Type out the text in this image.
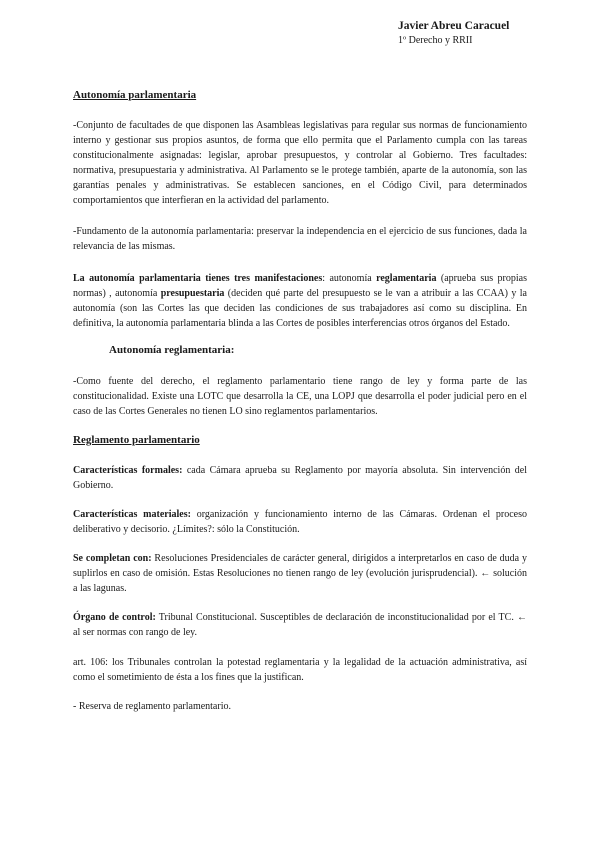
Javier Abreu Caracuel
1º Derecho y RRII
Autonomía parlamentaria

-Conjunto de facultades de que disponen las Asambleas legislativas para regular sus normas de funcionamiento interno y gestionar sus propios asuntos, de forma que ello permita que el Parlamento cumpla con las tareas constitucionalmente asignadas: legislar, aprobar presupuestos, y controlar al Gobierno. Tres facultades: normativa, presupuestaria y administrativa. Al Parlamento se le protege también, aparte de la autonomía, son las garantías penales y administrativas. Se establecen sanciones, en el Código Civil, para determinados comportamientos que interfieran en la actividad del parlamento.

-Fundamento de la autonomía parlamentaria: preservar la independencia en el ejercicio de sus funciones, dada la relevancia de las mismas.

La autonomía parlamentaria tienes tres manifestaciones: autonomía reglamentaria (aprueba sus propias normas) , autonomía presupuestaria (deciden qué parte del presupuesto se le van a atribuir a las CCAA) y la autonomía (son las Cortes las que deciden las condiciones de sus trabajadores así como su disciplina. En definitiva, la autonomía parlamentaria blinda a las Cortes de posibles interferencias otros órganos del Estado.

Autonomía reglamentaria:

-Como fuente del derecho, el reglamento parlamentario tiene rango de ley y forma parte de las constitucionalidad. Existe una LOTC que desarrolla la CE, una LOPJ que desarrolla el poder judicial pero en el caso de las Cortes Generales no tienen LO sino reglamentos parlamentarios.

Reglamento parlamentario

Características formales: cada Cámara aprueba su Reglamento por mayoría absoluta. Sin intervención del Gobierno.

Características materiales: organización y funcionamiento interno de las Cámaras. Ordenan el proceso deliberativo y decisorio. ¿Límites?: sólo la Constitución.

Se completan con: Resoluciones Presidenciales de carácter general, dirigidos a interpretarlos en caso de duda y suplirlos en caso de omisión. Estas Resoluciones no tienen rango de ley (evolución jurisprudencial). ← solución a las lagunas.

Órgano de control: Tribunal Constitucional. Susceptibles de declaración de inconstitucionalidad por el TC. ← al ser normas con rango de ley.

art. 106: los Tribunales controlan la potestad reglamentaria y la legalidad de la actuación administrativa, así como el sometimiento de ésta a los fines que la justifican.

- Reserva de reglamento parlamentario.
